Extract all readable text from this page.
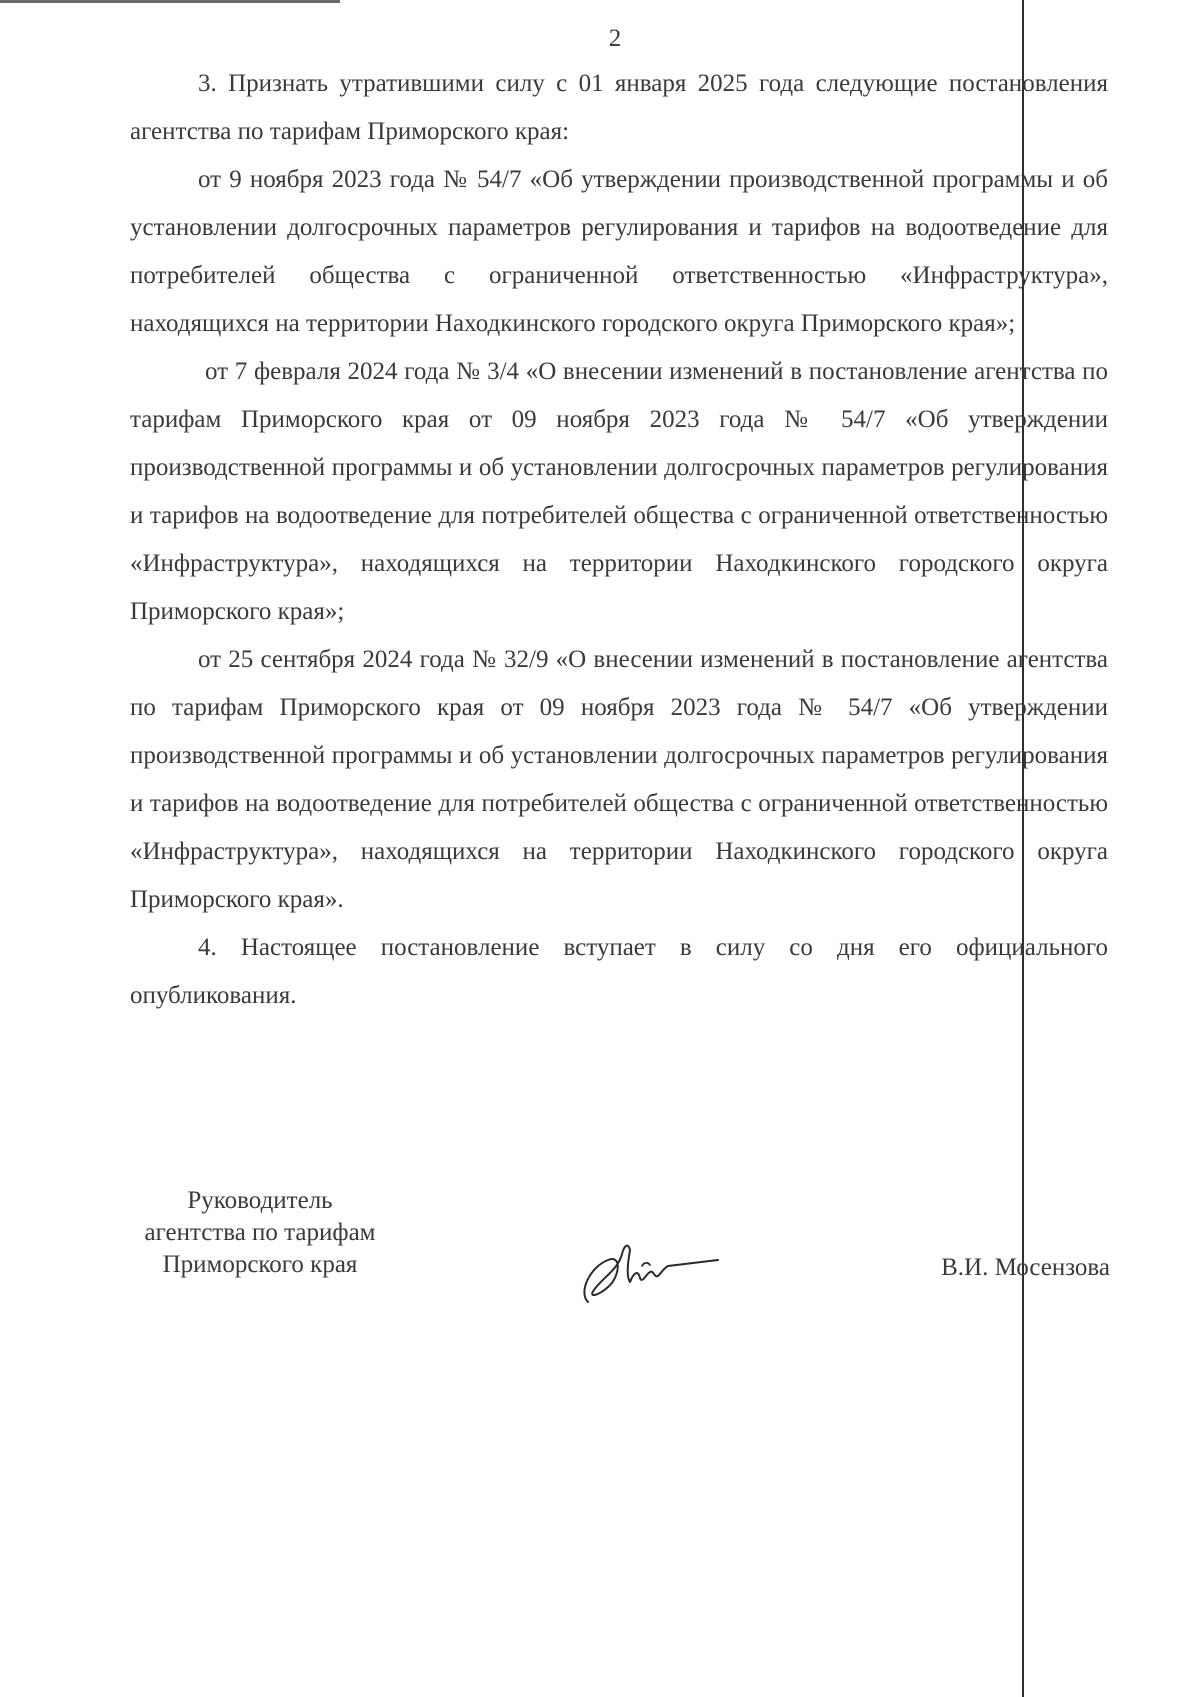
2

3. Признать утратившими силу с 01 января 2025 года следующие постановления агентства по тарифам Приморского края:

от 9 ноября 2023 года № 54/7 «Об утверждении производственной программы и об установлении долгосрочных параметров регулирования и тарифов на водоотведение для потребителей общества с ограниченной ответственностью «Инфраструктура», находящихся на территории Находкинского городского округа Приморского края»;

от 7 февраля 2024 года № 3/4 «О внесении изменений в постановление агентства по тарифам Приморского края от 09 ноября 2023 года № 54/7 «Об утверждении производственной программы и об установлении долгосрочных параметров регулирования и тарифов на водоотведение для потребителей общества с ограниченной ответственностью «Инфраструктура», находящихся на территории Находкинского городского округа Приморского края»;

от 25 сентября 2024 года № 32/9 «О внесении изменений в постановление агентства по тарифам Приморского края от 09 ноября 2023 года № 54/7 «Об утверждении производственной программы и об установлении долгосрочных параметров регулирования и тарифов на водоотведение для потребителей общества с ограниченной ответственностью «Инфраструктура», находящихся на территории Находкинского городского округа Приморского края».

4. Настоящее постановление вступает в силу со дня его официального опубликования.

Руководитель
агентства по тарифам
Приморского края	В.И. Мосензова
